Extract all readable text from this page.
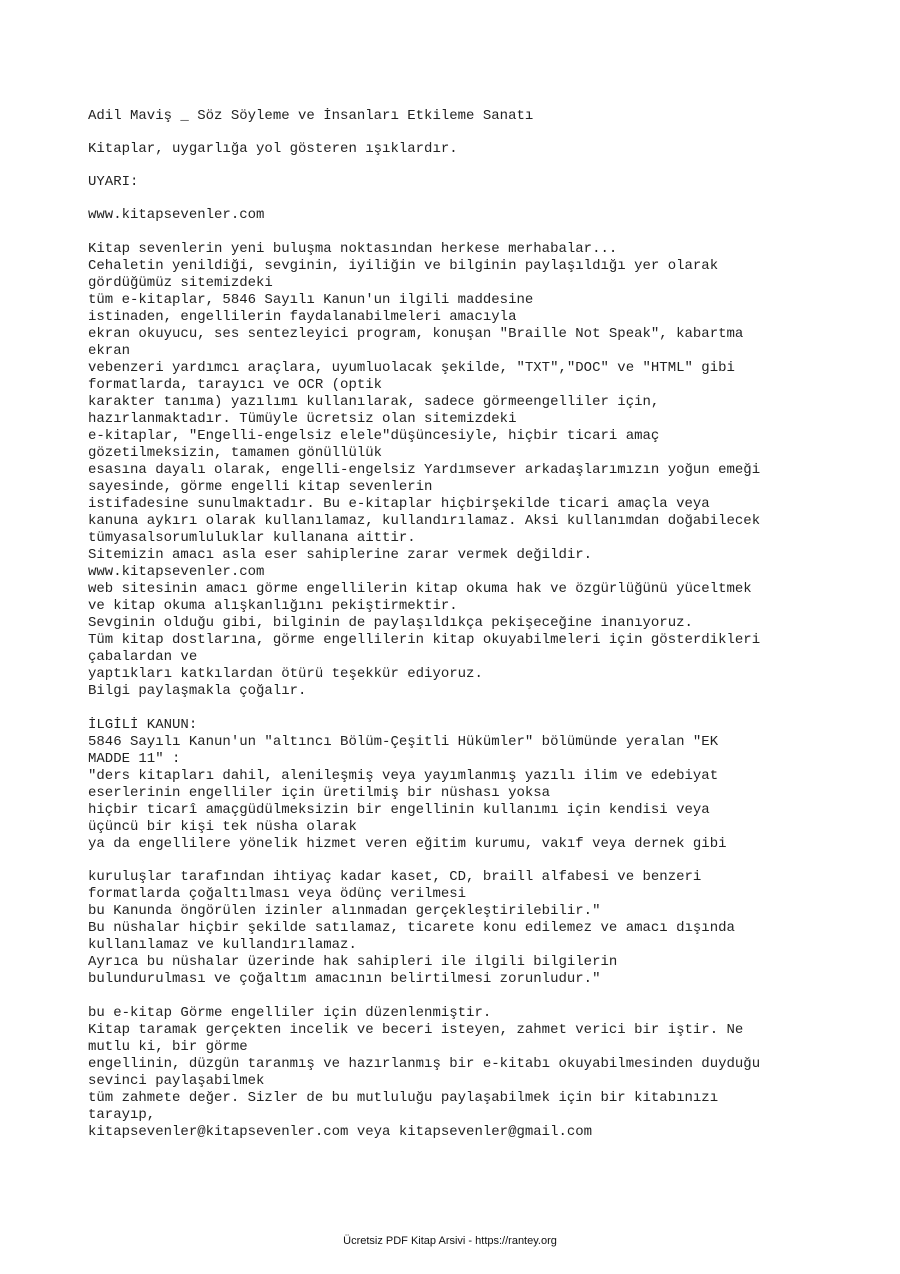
Adil Maviş _ Söz Söyleme ve İnsanları Etkileme Sanatı
Kitaplar, uygarlığa yol gösteren ışıklardır.
UYARI:
www.kitapsevenler.com
Kitap sevenlerin yeni buluşma noktasından herkese merhabalar...
Cehaletin yenildiği, sevginin, iyiliğin ve bilginin paylaşıldığı yer olarak
gördüğümüz sitemizdeki
tüm e-kitaplar, 5846 Sayılı Kanun'un ilgili maddesine
istinaden, engellilerin faydalanabilmeleri amacıyla
ekran okuyucu, ses sentezleyici program, konuşan "Braille Not Speak", kabartma
ekran
vebenzeri yardımcı araçlara, uyumluolacak şekilde, "TXT","DOC" ve "HTML" gibi
formatlarda, tarayıcı ve OCR (optik
karakter tanıma) yazılımı kullanılarak, sadece görmeengelliler için,
hazırlanmaktadır. Tümüyle ücretsiz olan sitemizdeki
e-kitaplar, "Engelli-engelsiz elele"düşüncesiyle, hiçbir ticari amaç
gözetilmeksizin, tamamen gönüllülük
esasına dayalı olarak, engelli-engelsiz Yardımsever arkadaşlarımızın yoğun emeği
sayesinde, görme engelli kitap sevenlerin
istifadesine sunulmaktadır. Bu e-kitaplar hiçbirşekilde ticari amaçla veya
kanuna aykırı olarak kullanılamaz, kullandırılamaz. Aksi kullanımdan doğabilecek
tümyasalsorumluluklar kullanana aittir.
Sitemizin amacı asla eser sahiplerine zarar vermek değildir.
www.kitapsevenler.com
web sitesinin amacı görme engellilerin kitap okuma hak ve özgürlüğünü yüceltmek
ve kitap okuma alışkanlığını pekiştirmektir.
Sevginin olduğu gibi, bilginin de paylaşıldıkça pekişeceğine inanıyoruz.
Tüm kitap dostlarına, görme engellilerin kitap okuyabilmeleri için gösterdikleri
çabalardan ve
yaptıkları katkılardan ötürü teşekkür ediyoruz.
Bilgi paylaşmakla çoğalır.
İLGİLİ KANUN:
5846 Sayılı Kanun'un "altıncı Bölüm-Çeşitli Hükümler" bölümünde yeralan "EK
MADDE 11" :
"ders kitapları dahil, alenileşmiş veya yayımlanmış yazılı ilim ve edebiyat
eserlerinin engelliler için üretilmiş bir nüshası yoksa
hiçbir ticarî amaçgüdülmeksizin bir engellinin kullanımı için kendisi veya
üçüncü bir kişi tek nüsha olarak
ya da engellilere yönelik hizmet veren eğitim kurumu, vakıf veya dernek gibi
kuruluşlar tarafından ihtiyaç kadar kaset, CD, braill alfabesi ve benzeri
formatlarda çoğaltılması veya ödünç verilmesi
bu Kanunda öngörülen izinler alınmadan gerçekleştirilebilir."
Bu nüshalar hiçbir şekilde satılamaz, ticarete konu edilemez ve amacı dışında
kullanılamaz ve kullandırılamaz.
Ayrıca bu nüshalar üzerinde hak sahipleri ile ilgili bilgilerin
bulundurulması ve çoğaltım amacının belirtilmesi zorunludur."
bu e-kitap Görme engelliler için düzenlenmiştir.
Kitap taramak gerçekten incelik ve beceri isteyen, zahmet verici bir iştir. Ne
mutlu ki, bir görme
engellinin, düzgün taranmış ve hazırlanmış bir e-kitabı okuyabilmesinden duyduğu
sevinci paylaşabilmek
tüm zahmete değer. Sizler de bu mutluluğu paylaşabilmek için bir kitabınızı
tarayıp,
kitapsevenler@kitapsevenler.com veya kitapsevenler@gmail.com
Ücretsiz PDF Kitap Arsivi - https://rantey.org
